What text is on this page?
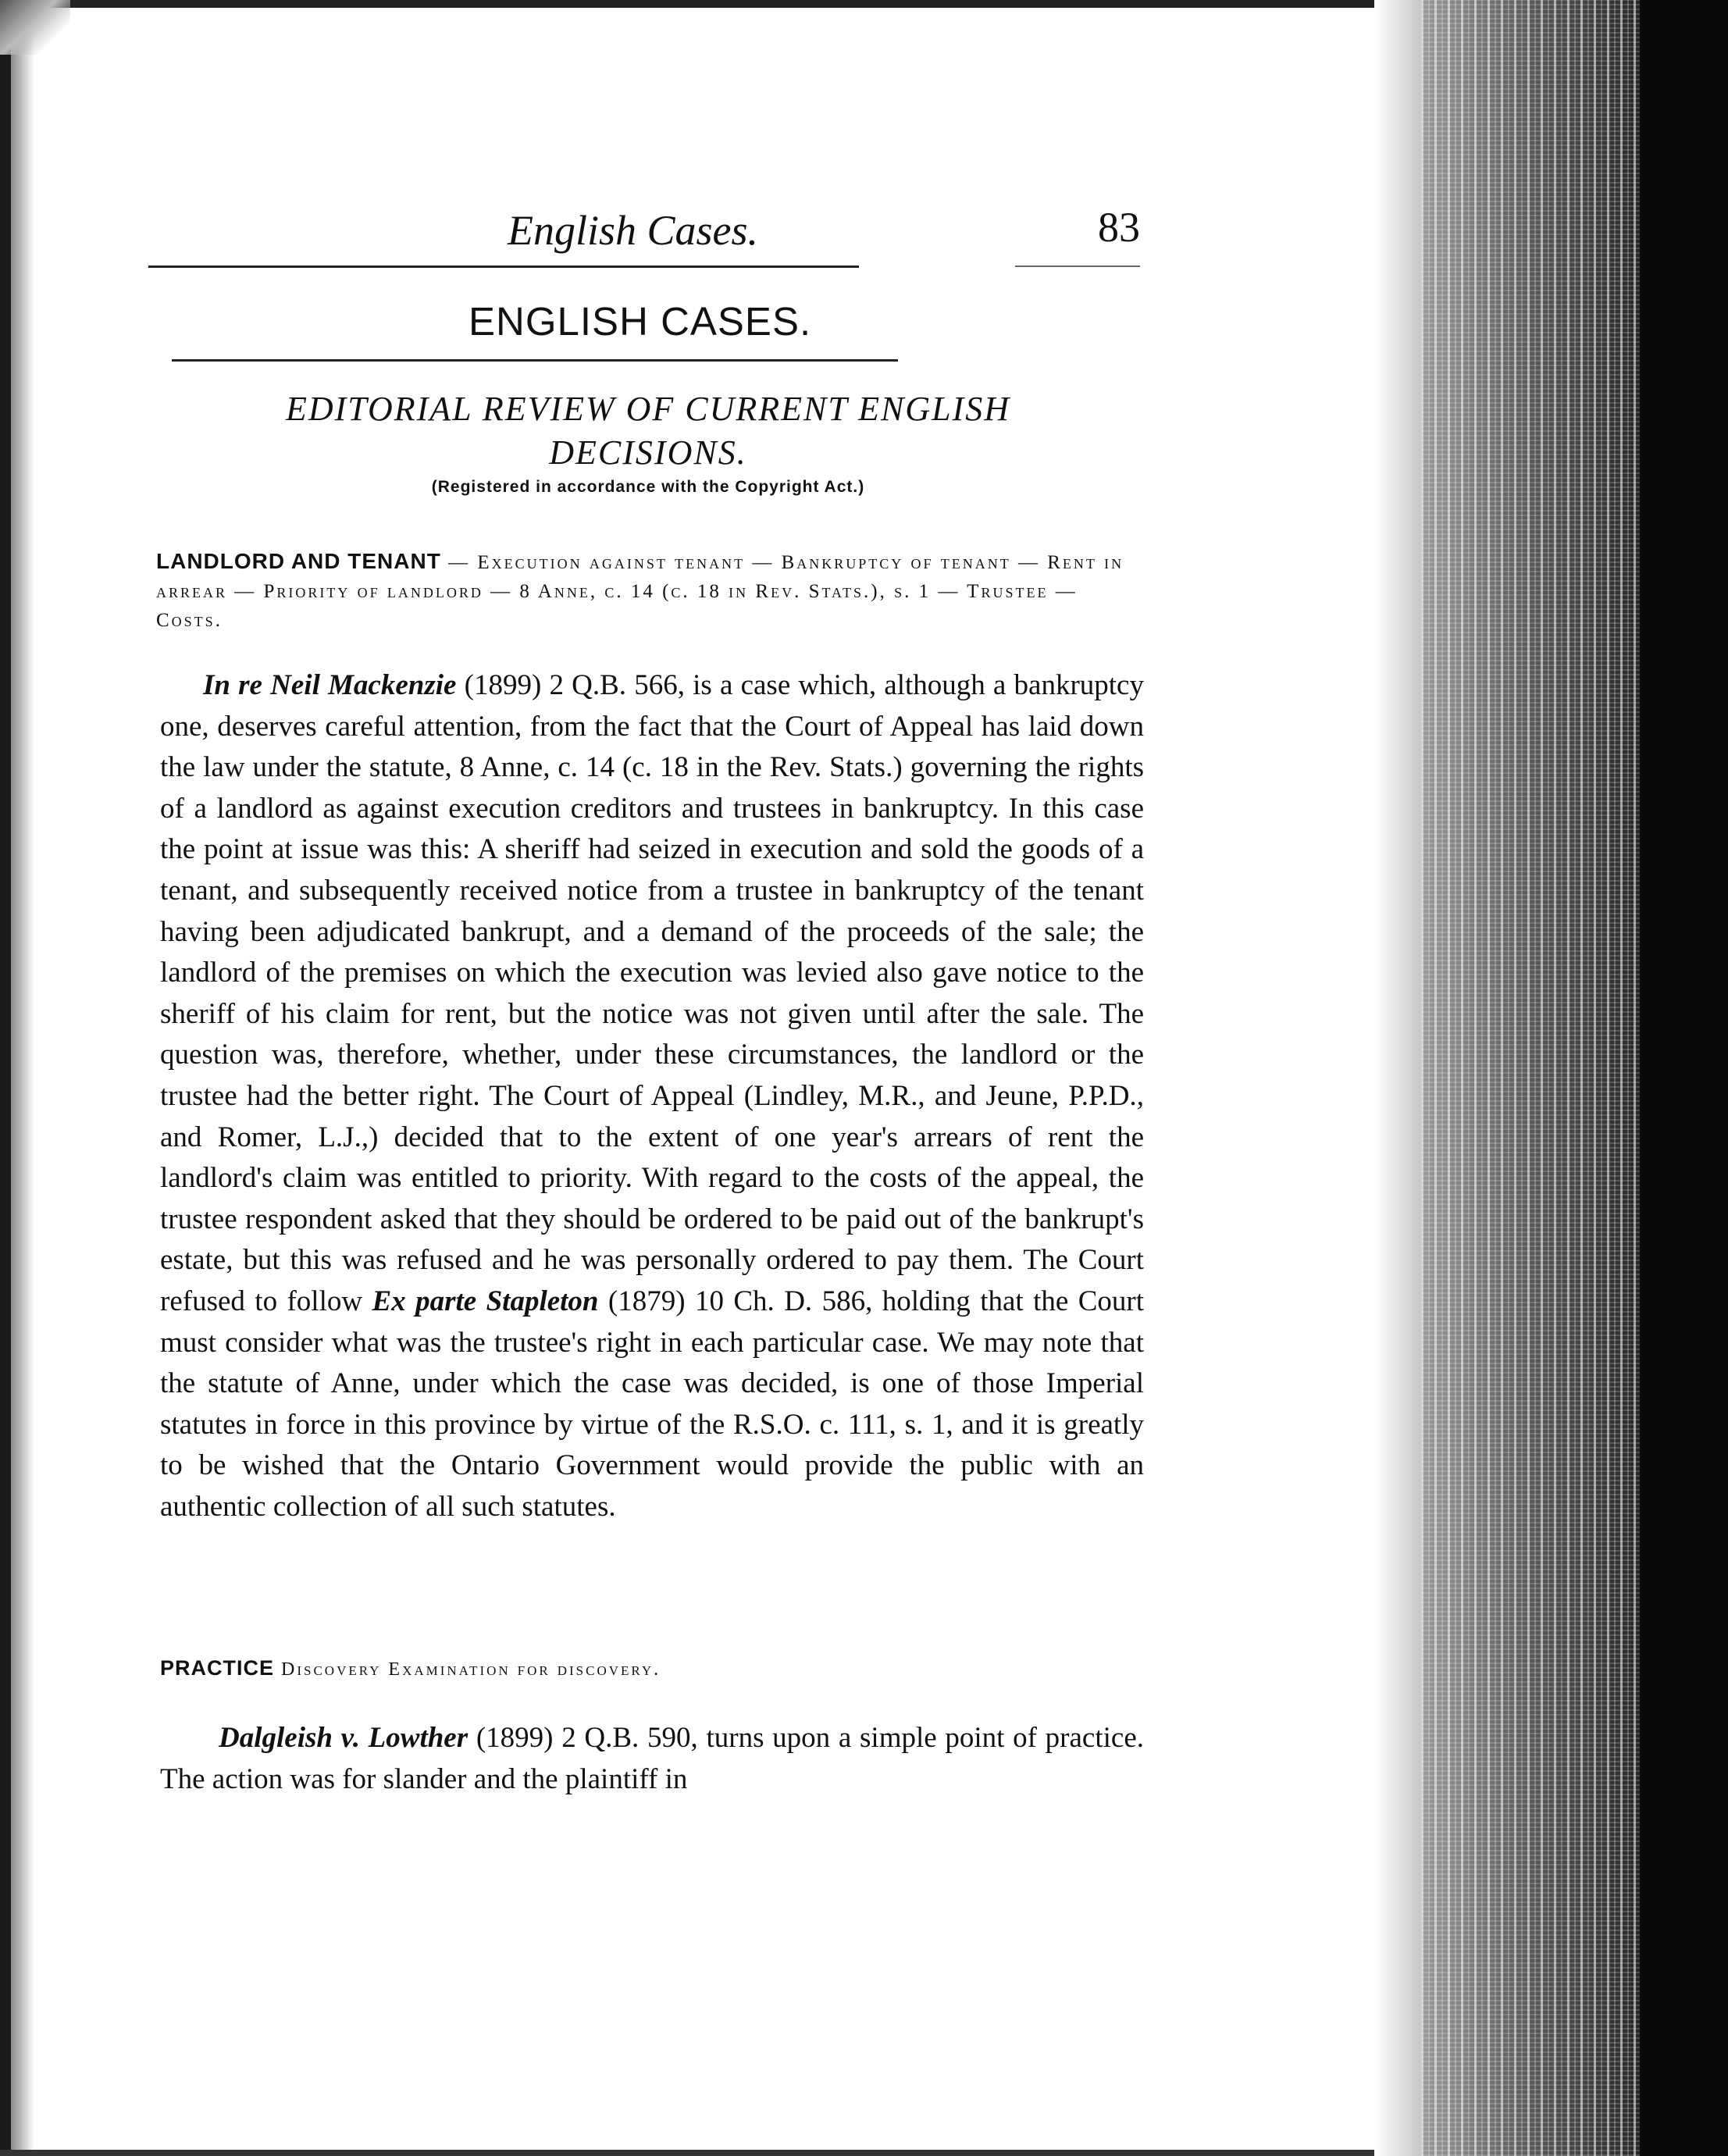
English Cases.	83
ENGLISH CASES.
EDITORIAL REVIEW OF CURRENT ENGLISH DECISIONS.
(Registered in accordance with the Copyright Act.)
LANDLORD AND TENANT — Execution against tenant — Bankruptcy of tenant — Rent in arrear — Priority of landlord — 8 Anne, c. 14 (c. 18 in Rev. Stats.), s. 1 — Trustee — Costs.
In re Neil Mackenzie (1899) 2 Q.B. 566, is a case which, although a bankruptcy one, deserves careful attention, from the fact that the Court of Appeal has laid down the law under the statute, 8 Anne, c. 14 (c. 18 in the Rev. Stats.) governing the rights of a landlord as against execution creditors and trustees in bankruptcy. In this case the point at issue was this: A sheriff had seized in execution and sold the goods of a tenant, and subsequently received notice from a trustee in bankruptcy of the tenant having been adjudicated bankrupt, and a demand of the proceeds of the sale; the landlord of the premises on which the execution was levied also gave notice to the sheriff of his claim for rent, but the notice was not given until after the sale. The question was, therefore, whether, under these circumstances, the landlord or the trustee had the better right. The Court of Appeal (Lindley, M.R., and Jeune, P.P.D., and Romer, L.J.,) decided that to the extent of one year's arrears of rent the landlord's claim was entitled to priority. With regard to the costs of the appeal, the trustee respondent asked that they should be ordered to be paid out of the bankrupt's estate, but this was refused and he was personally ordered to pay them. The Court refused to follow Ex parte Stapleton (1879) 10 Ch. D. 586, holding that the Court must consider what was the trustee's right in each particular case. We may note that the statute of Anne, under which the case was decided, is one of those Imperial statutes in force in this province by virtue of the R.S.O. c. 111, s. 1, and it is greatly to be wished that the Ontario Government would provide the public with an authentic collection of all such statutes.
PRACTICE Discovery Examination for discovery.
Dalgleish v. Lowther (1899) 2 Q.B. 590, turns upon a simple point of practice. The action was for slander and the plaintiff in
